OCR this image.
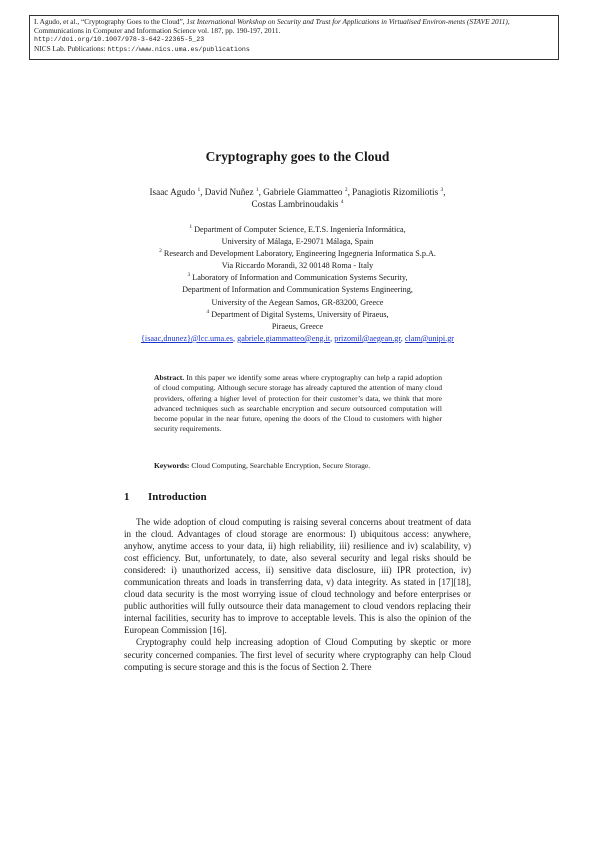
I. Agudo, et al., “Cryptography Goes to the Cloud”, 1st International Workshop on Security and Trust for Applications in Virtualised Environ-ments (STAVE 2011), Communications in Computer and Information Science vol. 187, pp. 190-197, 2011.
http://doi.org/10.1007/978-3-642-22365-5_23
NICS Lab. Publications: https://www.nics.uma.es/publications
Cryptography goes to the Cloud
Isaac Agudo $^1$, David Nuñez $^1$, Gabriele Giammatteo $^2$, Panagiotis Rizomiliotis $^3$,
Costas Lambrinoudakis $^4$
$^1$ Department of Computer Science, E.T.S. Ingeniería Informática,
University of Málaga, E-29071 Málaga, Spain
$^2$ Research and Development Laboratory, Engineering Ingegneria Informatica S.p.A.
Via Riccardo Morandi, 32 00148 Roma - Italy
$^3$ Laboratory of Information and Communication Systems Security,
Department of Information and Communication Systems Engineering,
University of the Aegean Samos, GR-83200, Greece
$^4$ Department of Digital Systems, University of Piraeus,
Piraeus, Greece
{isaac,dnunez}@lcc.uma.es, gabriele.giammatteo@eng.it, prizomil@aegean.gr, clam@unipi.gr
Abstract. In this paper we identify some areas where cryptography can help a rapid adoption of cloud computing. Although secure storage has already captured the attention of many cloud providers, offering a higher level of protection for their customer’s data, we think that more advanced techniques such as searchable encryption and secure outsourced computation will become popular in the near future, opening the doors of the Cloud to customers with higher security requirements.
Keywords: Cloud Computing, Searchable Encryption, Secure Storage.
1 Introduction

The wide adoption of cloud computing is raising several concerns about treatment of data in the cloud. Advantages of cloud storage are enormous: I) ubiquitous access: anywhere, anyhow, anytime access to your data, ii) high reliability, iii) resilience and iv) scalability, v) cost efficiency. But, unfortunately, to date, also several security and legal risks should be considered: i) unauthorized access, ii) sensitive data disclosure, iii) IPR protection, iv) communication threats and loads in transferring data, v) data integrity. As stated in [17][18], cloud data security is the most worrying issue of cloud technology and before enterprises or public authorities will fully outsource their data management to cloud vendors replacing their internal facilities, security has to improve to acceptable levels. This is also the opinion of the European Commission [16].

Cryptography could help increasing adoption of Cloud Computing by skeptic or more security concerned companies. The first level of security where cryptography can help Cloud computing is secure storage and this is the focus of Section 2. There
